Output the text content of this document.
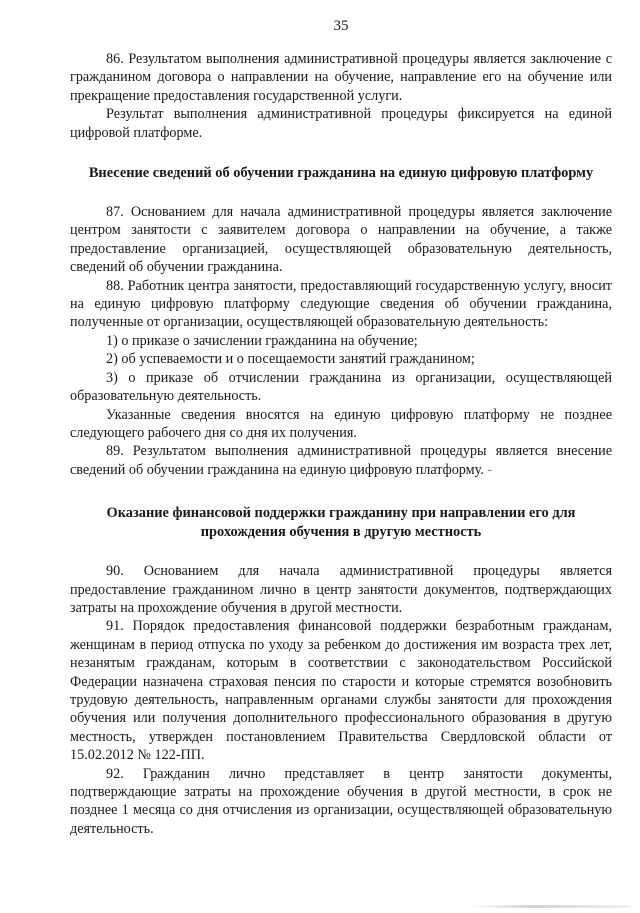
35

86. Результатом выполнения административной процедуры является заключение с гражданином договора о направлении на обучение, направление его на обучение или прекращение предоставления государственной услуги.

Результат выполнения административной процедуры фиксируется на единой цифровой платформе.

Внесение сведений об обучении гражданина на единую цифровую платформу

87. Основанием для начала административной процедуры является заключение центром занятости с заявителем договора о направлении на обучение, а также предоставление организацией, осуществляющей образовательную деятельность, сведений об обучении гражданина.

88. Работник центра занятости, предоставляющий государственную услугу, вносит на единую цифровую платформу следующие сведения об обучении гражданина, полученные от организации, осуществляющей образовательную деятельность:

1) о приказе о зачислении гражданина на обучение;

2) об успеваемости и о посещаемости занятий гражданином;

3) о приказе об отчислении гражданина из организации, осуществляющей образовательную деятельность.

Указанные сведения вносятся на единую цифровую платформу не позднее следующего рабочего дня со дня их получения.

89. Результатом выполнения административной процедуры является внесение сведений об обучении гражданина на единую цифровую платформу. -

Оказание финансовой поддержки гражданину при направлении его для прохождения обучения в другую местность

90. Основанием для начала административной процедуры является предоставление гражданином лично в центр занятости документов, подтверждающих затраты на прохождение обучения в другой местности.

91. Порядок предоставления финансовой поддержки безработным гражданам, женщинам в период отпуска по уходу за ребенком до достижения им возраста трех лет, незанятым гражданам, которым в соответствии с законодательством Российской Федерации назначена страховая пенсия по старости и которые стремятся возобновить трудовую деятельность, направленным органами службы занятости для прохождения обучения или получения дополнительного профессионального образования в другую местность, утвержден постановлением Правительства Свердловской области от 15.02.2012 № 122-ПП.

92. Гражданин лично представляет в центр занятости документы, подтверждающие затраты на прохождение обучения в другой местности, в срок не позднее 1 месяца со дня отчисления из организации, осуществляющей образовательную деятельность.
